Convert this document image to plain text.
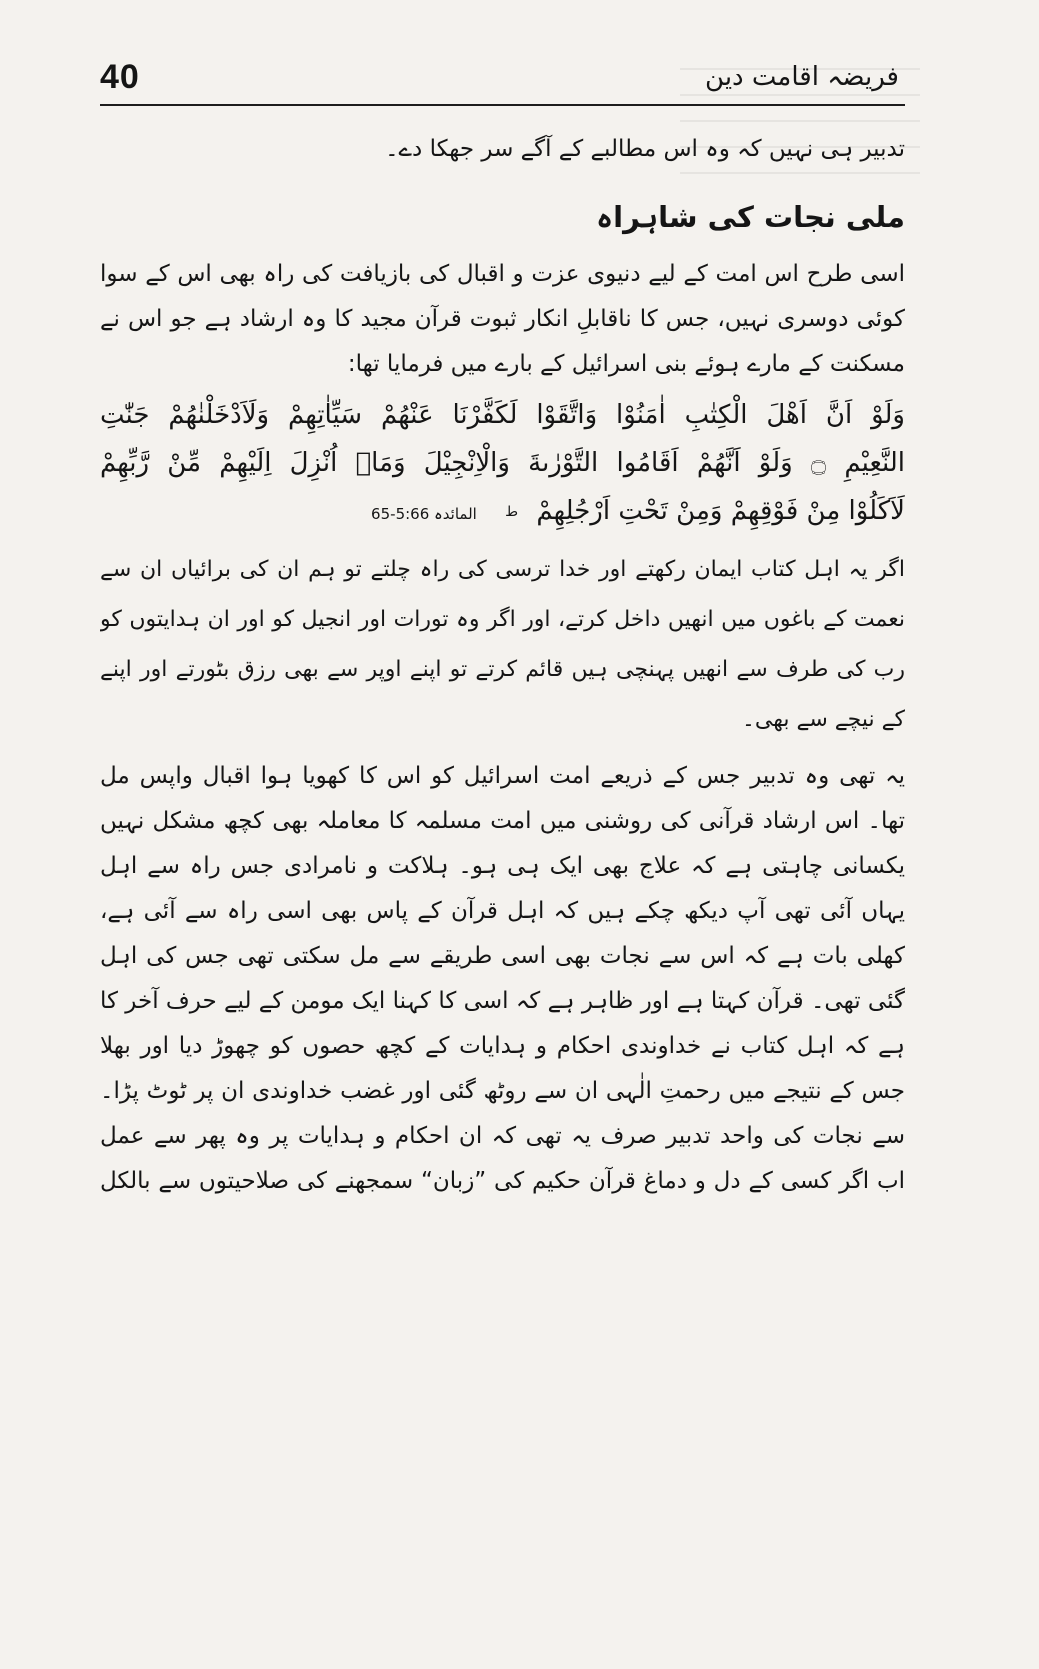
40	فریضہ اقامت دین
تدبیر ہی نہیں کہ وہ اس مطالبے کے آگے سر جھکا دے۔
ملی نجات کی شاہراہ
اسی طرح اس امت کے لیے دنیوی عزت و اقبال کی بازیافت کی راہ بھی اس کے سوا
کوئی دوسری نہیں، جس کا ناقابلِ انکار ثبوت قرآن مجید کا وہ ارشاد ہے جو اس نے
مسکنت کے مارے ہوئے بنی اسرائیل کے بارے میں فرمایا تھا:
وَلَوْ اَنَّ اَهْلَ الْكِتٰبِ اٰمَنُوْا وَاتَّقَوْا لَكَفَّرْنَا عَنْهُمْ سَيِّاٰتِهِمْ وَلَاَدْخَلْنٰهُمْ جَنّٰتِ
النَّعِيْمِ ۝ وَلَوْ اَنَّهُمْ اَقَامُوا التَّوْرٰىةَ وَالْاِنْجِيْلَ وَمَاۤ اُنْزِلَ اِلَيْهِمْ مِّنْ رَّبِّهِمْ
لَاَكَلُوْا مِنْ فَوْقِهِمْ وَمِنْ تَحْتِ اَرْجُلِهِمْ ط المائدہ 5:66-65
اگر یہ اہل کتاب ایمان رکھتے اور خدا ترسی کی راہ چلتے تو ہم ان کی برائیاں ان سے
نعمت کے باغوں میں انھیں داخل کرتے، اور اگر وہ تورات اور انجیل کو اور ان ہدایتوں کو
رب کی طرف سے انھیں پہنچی ہیں قائم کرتے تو اپنے اوپر سے بھی رزق بٹورتے اور اپنے
کے نیچے سے بھی۔
یہ تھی وہ تدبیر جس کے ذریعے امت اسرائیل کو اس کا کھویا ہوا اقبال واپس مل
تھا۔ اس ارشاد قرآنی کی روشنی میں امت مسلمہ کا معاملہ بھی کچھ مشکل نہیں
یکسانی چاہتی ہے کہ علاج بھی ایک ہی ہو۔ ہلاکت و نامرادی جس راہ سے اہل
یہاں آئی تھی آپ دیکھ چکے ہیں کہ اہل قرآن کے پاس بھی اسی راہ سے آئی ہے،
کھلی بات ہے کہ اس سے نجات بھی اسی طریقے سے مل سکتی تھی جس کی اہل
گئی تھی۔ قرآن کہتا ہے اور ظاہر ہے کہ اسی کا کہنا ایک مومن کے لیے حرف آخر کا
ہے کہ اہل کتاب نے خداوندی احکام و ہدایات کے کچھ حصوں کو چھوڑ دیا اور بھلا
جس کے نتیجے میں رحمتِ الٰہی ان سے روٹھ گئی اور غضب خداوندی ان پر ٹوٹ پڑا۔
سے نجات کی واحد تدبیر صرف یہ تھی کہ ان احکام و ہدایات پر وہ پھر سے عمل
اب اگر کسی کے دل و دماغ قرآن حکیم کی ”زبان“ سمجھنے کی صلاحیتوں سے بالکل
